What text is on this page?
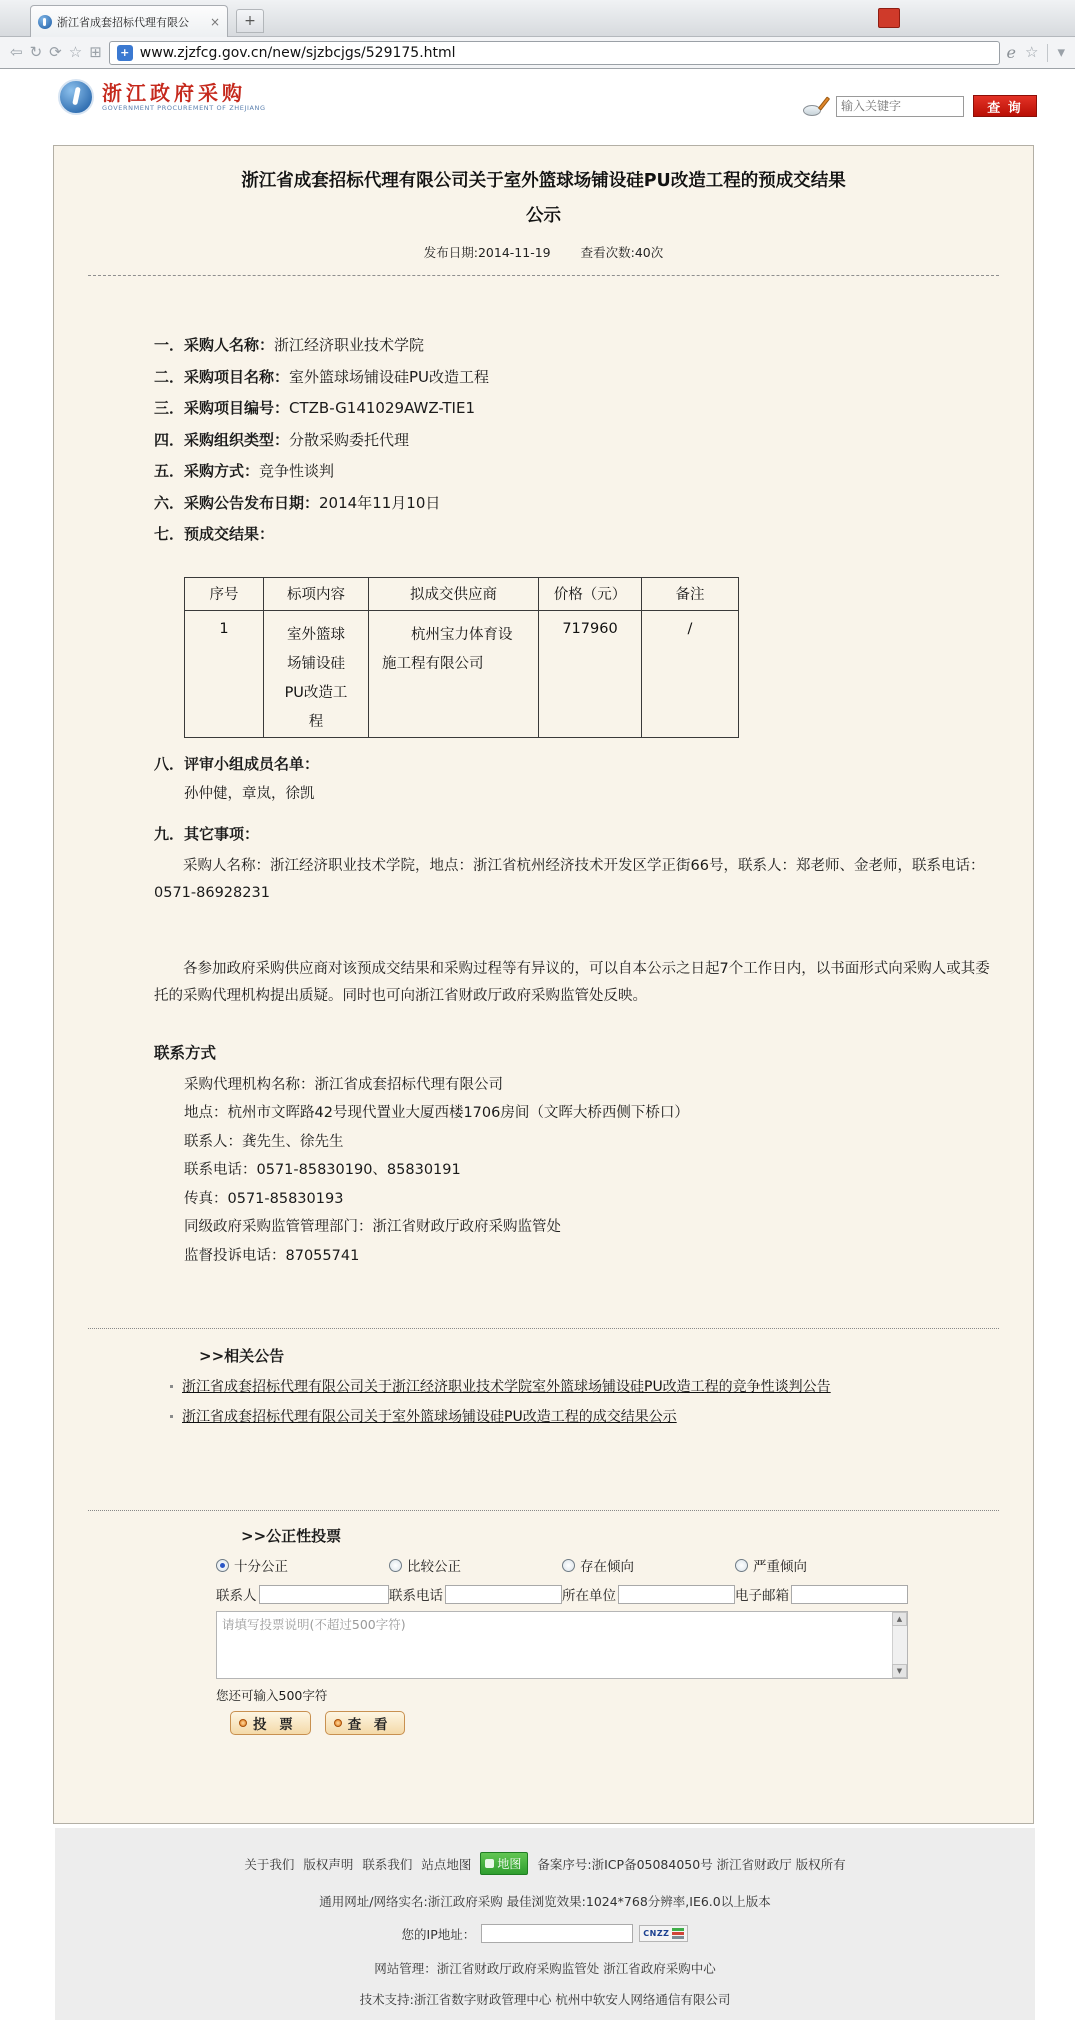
浙江省成套招标代理有限公	×	+
⇦ ↻ ⟳ ☆ ⊞	+ www.zjzfcg.gov.cn/new/sjzbcjgs/529175.html	e ☆ ▾
浙江政府采购
GOVERNMENT PROCUREMENT OF ZHEJIANG
输入关键字	查 询
浙江省成套招标代理有限公司关于室外篮球场铺设硅PU改造工程的预成交结果
公示
发布日期:2014-11-19 查看次数:40次
一．采购人名称：浙江经济职业技术学院
二．采购项目名称：室外篮球场铺设硅PU改造工程
三．采购项目编号：CTZB-G141029AWZ-TIE1
四．采购组织类型：分散采购委托代理
五．采购方式：竞争性谈判
六．采购公告发布日期：2014年11月10日
七．预成交结果：
序号	标项内容	拟成交供应商	价格（元）	备注
1	室外篮球场铺设硅PU改造工程	杭州宝力体育设施工程有限公司	717960	/
八．评审小组成员名单：
孙仲健，章岚，徐凯
九．其它事项：
采购人名称：浙江经济职业技术学院，地点：浙江省杭州经济技术开发区学正街66号，联系人：郑老师、金老师，联系电话：0571-86928231
各参加政府采购供应商对该预成交结果和采购过程等有异议的，可以自本公示之日起7个工作日内，以书面形式向采购人或其委托的采购代理机构提出质疑。同时也可向浙江省财政厅政府采购监管处反映。
联系方式
采购代理机构名称：浙江省成套招标代理有限公司
地点：杭州市文晖路42号现代置业大厦西楼1706房间（文晖大桥西侧下桥口）
联系人：龚先生、徐先生
联系电话：0571-85830190、85830191
传真：0571-85830193
同级政府采购监管管理部门：浙江省财政厅政府采购监管处
监督投诉电话：87055741
>>相关公告
浙江省成套招标代理有限公司关于浙江经济职业技术学院室外篮球场铺设硅PU改造工程的竞争性谈判公告
浙江省成套招标代理有限公司关于室外篮球场铺设硅PU改造工程的成交结果公示
>>公正性投票
十分公正	比较公正	存在倾向	严重倾向
联系人	联系电话	所在单位	电子邮箱
请填写投票说明(不超过500字符)
▲
▼
您还可输入500字符
投 票	查 看
关于我们 版权声明 联系我们 站点地图 地图 备案序号:浙ICP备05084050号 浙江省财政厅 版权所有
通用网址/网络实名:浙江政府采购 最佳浏览效果:1024*768分辨率,IE6.0以上版本
您的IP地址：	CNZZ
网站管理：浙江省财政厅政府采购监管处 浙江省政府采购中心
技术支持:浙江省数字财政管理中心 杭州中软安人网络通信有限公司
